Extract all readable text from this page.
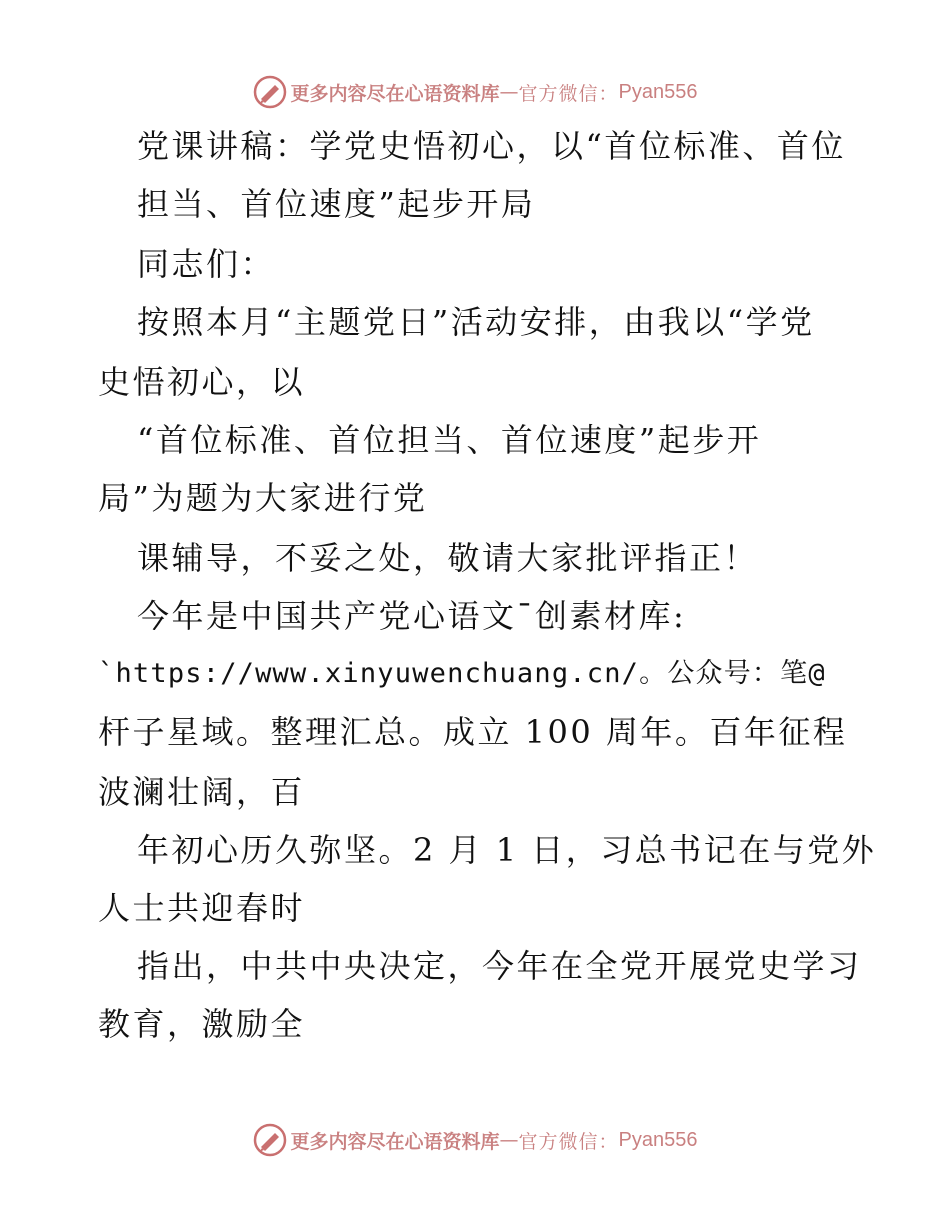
更多内容尽在心语资料库 — 官方微信： Pyan556
党课讲稿：学党史悟初心，以“首位标准、首位
担当、首位速度”起步开局
同志们：
按照本月“主题党日”活动安排，由我以“学党
史悟初心，以
“首位标准、首位担当、首位速度”起步开
局”为题为大家进行党
课辅导，不妥之处，敬请大家批评指正！
今年是中国共产党心语文¯创素材库:
`https://www.xinyuwenchuang.cn/。公众号：笔@
杆子星域。整理汇总。成立 100 周年。百年征程
波澜壮阔，百
年初心历久弥坚。2 月 1 日，习总书记在与党外
人士共迎春时
指出，中共中央决定，今年在全党开展党史学习
教育，激励全
更多内容尽在心语资料库 — 官方微信： Pyan556
